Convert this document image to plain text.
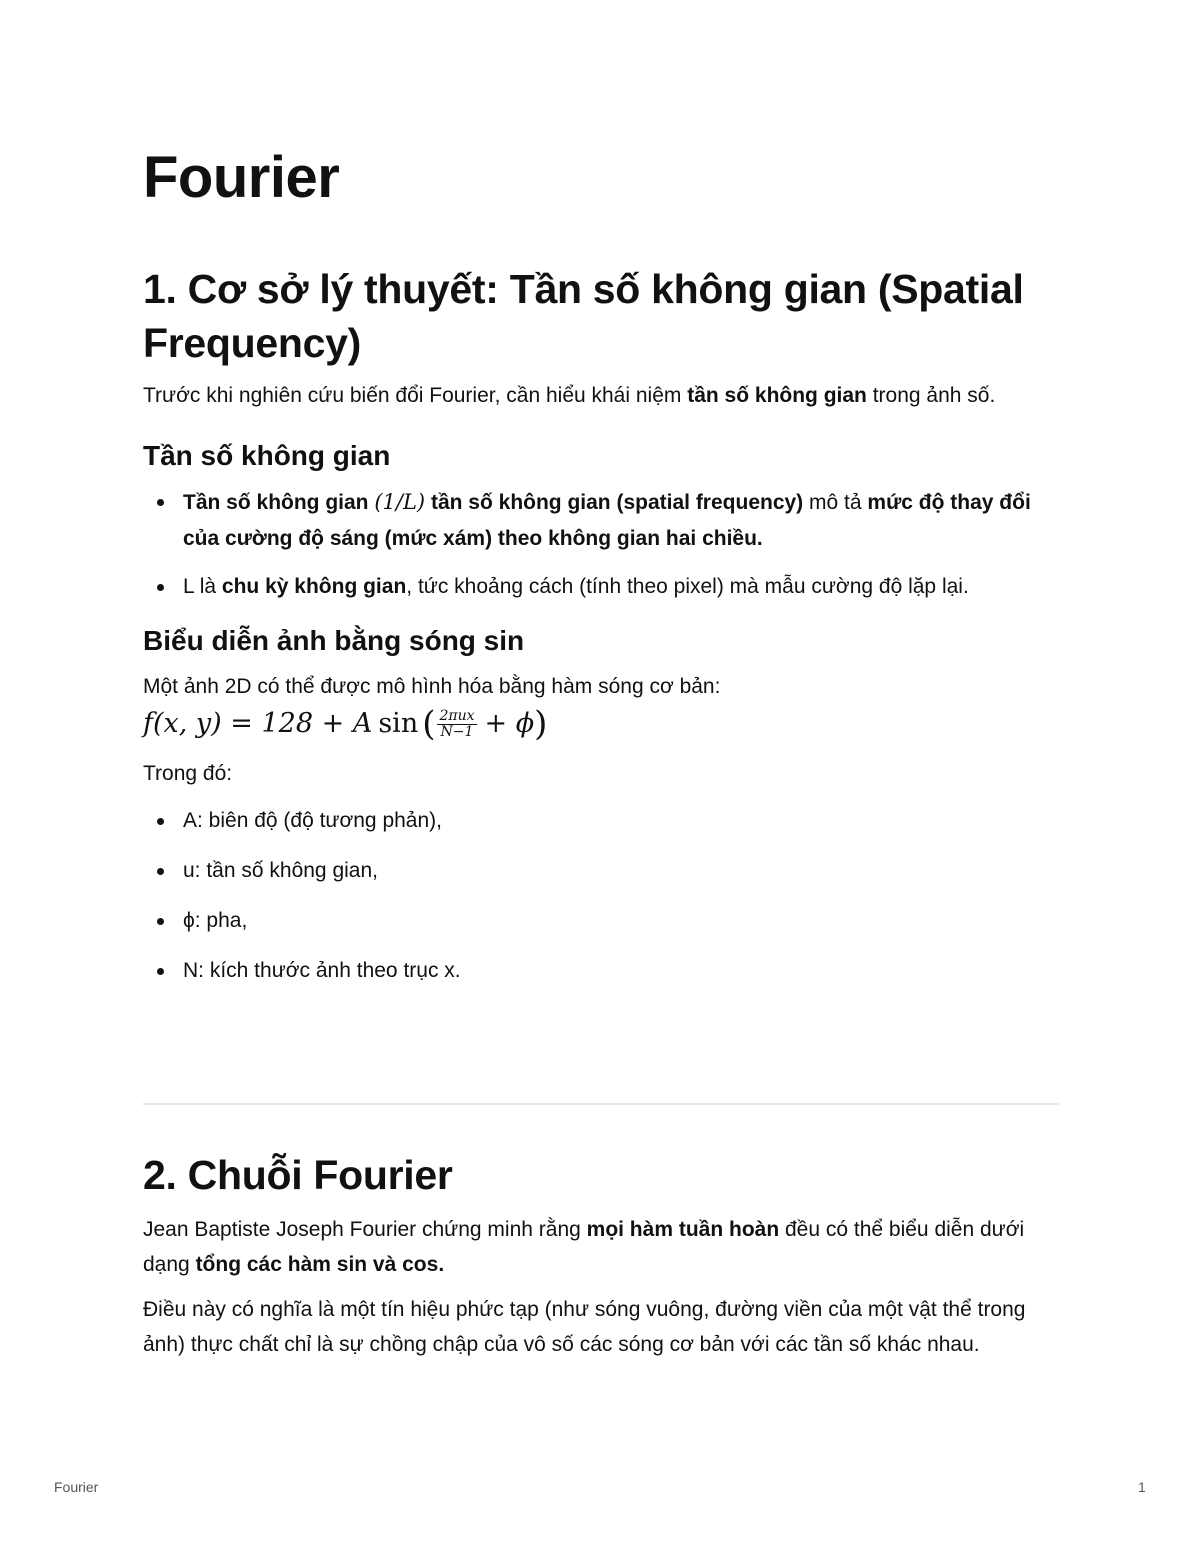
Fourier
1. Cơ sở lý thuyết: Tần số không gian (Spatial Frequency)

Trước khi nghiên cứu biến đổi Fourier, cần hiểu khái niệm tần số không gian trong ảnh số.

Tần số không gian
Tần số không gian (1/L) tần số không gian (spatial frequency) mô tả mức độ thay đổi của cường độ sáng (mức xám) theo không gian hai chiều.
L là chu kỳ không gian, tức khoảng cách (tính theo pixel) mà mẫu cường độ lặp lại.
Biểu diễn ảnh bằng sóng sin

Một ảnh 2D có thể được mô hình hóa bằng hàm sóng cơ bản:

f(x, y) = 128 + A sin ( $\frac{\text{2πux}}{N-1} + \phi$ )

Trong đó:

A: biên độ (độ tương phản),
u: tần số không gian,
ϕ: pha,
N: kích thước ảnh theo trục x.
2. Chuỗi Fourier

Jean Baptiste Joseph Fourier chứng minh rằng mọi hàm tuần hoàn đều có thể biểu diễn dưới dạng tổng các hàm sin và cos.

Điều này có nghĩa là một tín hiệu phức tạp (như sóng vuông, đường viền của một vật thể trong ảnh) thực chất chỉ là sự chồng chập của vô số các sóng cơ bản với các tần số khác nhau.

Fourier	1
